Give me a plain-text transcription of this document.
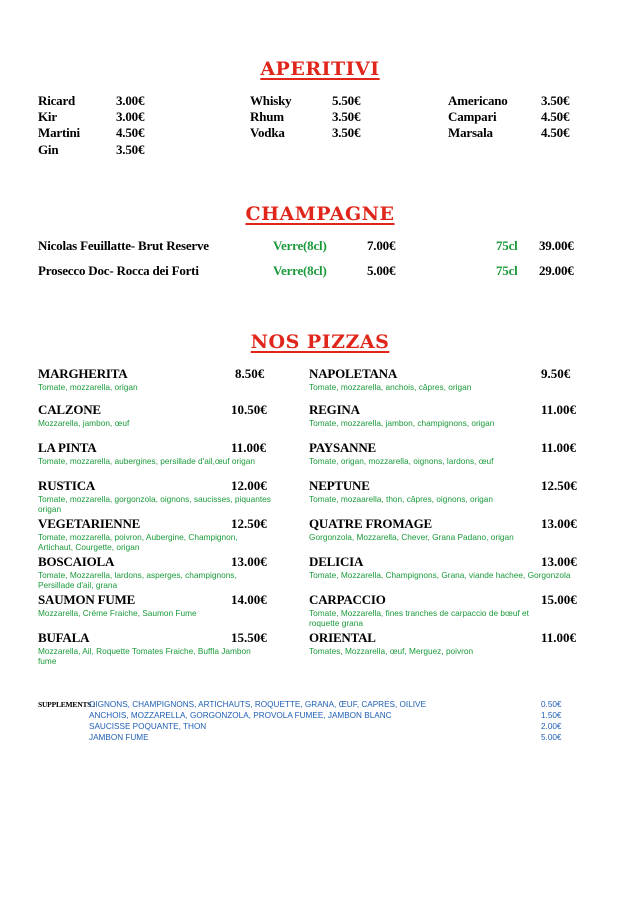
APERITIVI
Ricard	3.00€
Kir	3.00€
Martini	4.50€
Gin	3.50€
Whisky	5.50€
Rhum	3.50€
Vodka	3.50€
Americano	3.50€
Campari	4.50€
Marsala	4.50€
CHAMPAGNE
Nicolas Feuillatte- Brut Reserve	Verre(8cl)	7.00€	75cl 39.00€
Prosecco Doc- Rocca dei Forti	Verre(8cl)	5.00€	75cl 29.00€
NOS PIZZAS
MARGHERITA	8.50€
Tomate, mozzarella, origan
CALZONE	10.50€
Mozzarella, jambon, œuf
LA PINTA	11.00€
Tomate, mozzarella, aubergines, persillade d'ail,œuf origan
RUSTICA	12.00€
Tomate, mozzarella, gorgonzola, oignons, saucisses, piquantes origan
VEGETARIENNE	12.50€
Tomate, mozzarella, poivron, Aubergine, Champignon, Artichaut, Courgette, origan
BOSCAIOLA	13.00€
Tomate, Mozzarella, lardons, asperges, champignons, Persillade d'ail, grana
SAUMON FUME	14.00€
Mozzarella, Créme Fraiche, Saumon Fume
BUFALA	15.50€
Mozzarella, Ail, Roquette Tomates Fraiche, Buffla Jambon fume
NAPOLETANA	9.50€
Tomate, mozzarella, anchois, câpres, origan
REGINA	11.00€
Tomate, mozzarella, jambon, champignons, origan
PAYSANNE	11.00€
Tomate, origan, mozzarella, oignons, lardons, œuf
NEPTUNE	12.50€
Tomate, mozaarella, thon, câpres, oignons, origan
QUATRE FROMAGE	13.00€
Gorgonzola, Mozzarella, Chever, Grana Padano, origan
DELICIA	13.00€
Tomate, Mozzarella, Champignons, Grana, viande hachee, Gorgonzola
CARPACCIO	15.00€
Tomate, Mozzarella, fines tranches de carpaccio de bœuf et roquette grana
ORIENTAL	11.00€
Tomates, Mozzarella, œuf, Merguez, poivron
SUPPLEMENTS :
OIGNONS, CHAMPIGNONS, ARTICHAUTS, ROQUETTE, GRANA, ŒUF, CAPRES, OILIVE	0.50€
ANCHOIS, MOZZARELLA, GORGONZOLA, PROVOLA FUMEE, JAMBON BLANC	1.50€
SAUCISSE POQUANTE, THON	2.00€
JAMBON FUME	5.00€
